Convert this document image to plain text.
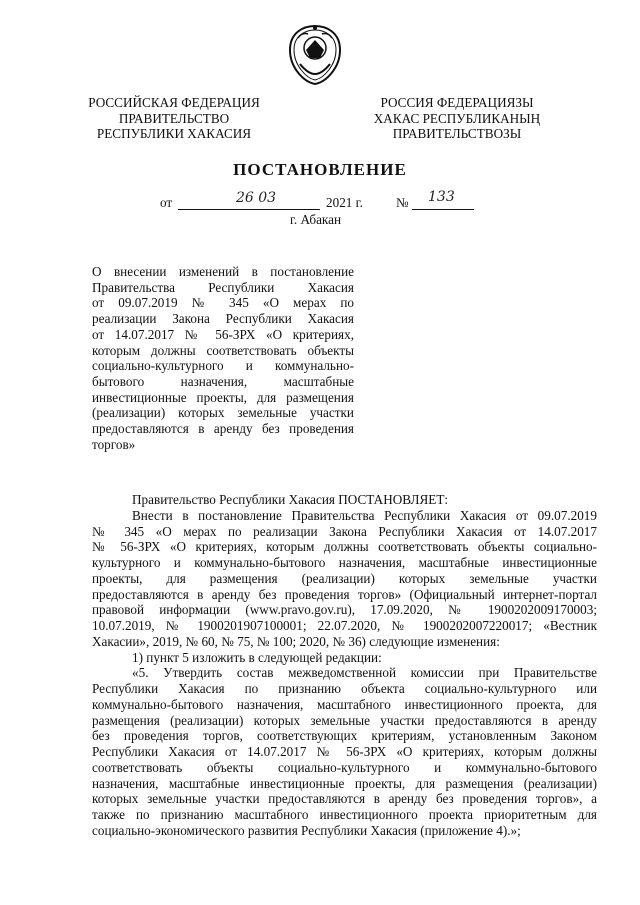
РОССИЙСКАЯ ФЕДЕРАЦИЯ
ПРАВИТЕЛЬСТВО
РЕСПУБЛИКИ ХАКАСИЯ
РОССИЯ ФЕДЕРАЦИЯЗЫ
ХАКАС РЕСПУБЛИКАНЫҢ
ПРАВИТЕЛЬСТВОЗЫ
ПОСТАНОВЛЕНИЕ
от	26 03	2021 г.	№ 133
г. Абакан
О внесении изменений в постановление
Правительства Республики Хакасия
от 09.07.2019 № 345 «О мерах по
реализации Закона Республики Хакасия
от 14.07.2017 № 56-ЗРХ «О критериях,
которым должны соответствовать объекты
социально-культурного и коммунально-
бытового назначения, масштабные
инвестиционные проекты, для размещения
(реализации) которых земельные участки
предоставляются в аренду без проведения
торгов»
Правительство Республики Хакасия ПОСТАНОВЛЯЕТ:
Внести в постановление Правительства Республики Хакасия от 09.07.2019
№ 345 «О мерах по реализации Закона Республики Хакасия от 14.07.2017
№ 56-ЗРХ «О критериях, которым должны соответствовать объекты социально-
культурного и коммунально-бытового назначения, масштабные инвестиционные
проекты, для размещения (реализации) которых земельные участки
предоставляются в аренду без проведения торгов» (Официальный интернет-портал
правовой информации (www.pravo.gov.ru), 17.09.2020, № 1900202009170003;
10.07.2019, № 1900201907100001; 22.07.2020, № 1900202007220017; «Вестник
Хакасии», 2019, № 60, № 75, № 100; 2020, № 36) следующие изменения:
1) пункт 5 изложить в следующей редакции:
«5. Утвердить состав межведомственной комиссии при Правительстве
Республики Хакасия по признанию объекта социально-культурного или
коммунально-бытового назначения, масштабного инвестиционного проекта, для
размещения (реализации) которых земельные участки предоставляются в аренду
без проведения торгов, соответствующих критериям, установленным Законом
Республики Хакасия от 14.07.2017 № 56-ЗРХ «О критериях, которым должны
соответствовать объекты социально-культурного и коммунально-бытового
назначения, масштабные инвестиционные проекты, для размещения (реализации)
которых земельные участки предоставляются в аренду без проведения торгов», а
также по признанию масштабного инвестиционного проекта приоритетным для
социально-экономического развития Республики Хакасия (приложение 4).»;
